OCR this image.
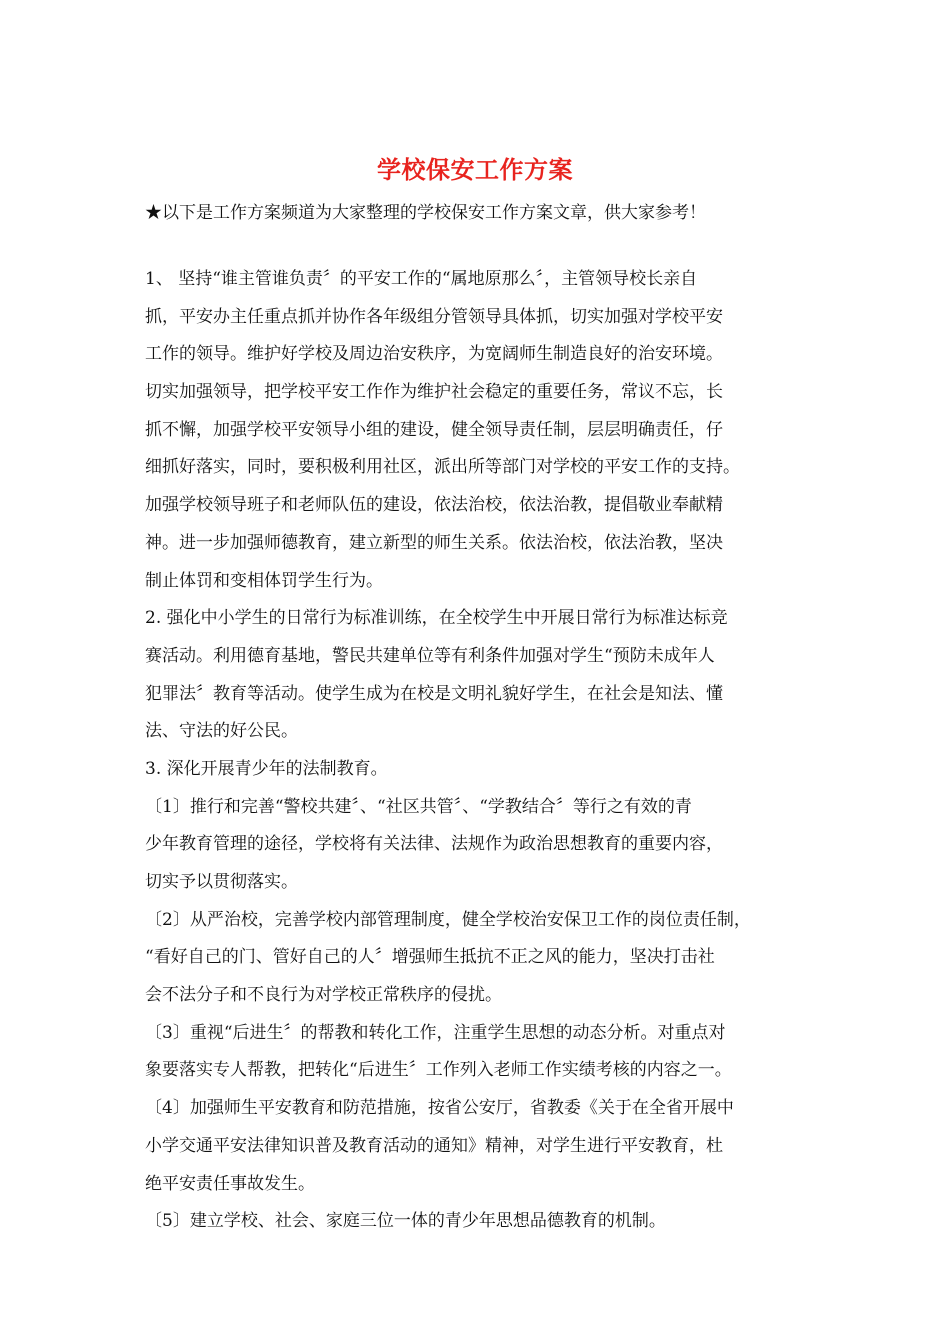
学校保安工作方案
★以下是工作方案频道为大家整理的学校保安工作方案文章，供大家参考！
1、 坚持“谁主管谁负责〞的平安工作的“属地原那么〞，主管领导校长亲自
抓，平安办主任重点抓并协作各年级组分管领导具体抓，切实加强对学校平安
工作的领导。维护好学校及周边治安秩序，为宽阔师生制造良好的治安环境。
切实加强领导，把学校平安工作作为维护社会稳定的重要任务，常议不忘，长
抓不懈，加强学校平安领导小组的建设，健全领导责任制，层层明确责任，仔
细抓好落实，同时，要积极利用社区，派出所等部门对学校的平安工作的支持。
加强学校领导班子和老师队伍的建设，依法治校，依法治教，提倡敬业奉献精
神。进一步加强师德教育，建立新型的师生关系。依法治校，依法治教，坚决
制止体罚和变相体罚学生行为。
2. 强化中小学生的日常行为标准训练，在全校学生中开展日常行为标准达标竞
赛活动。利用德育基地，警民共建单位等有利条件加强对学生“预防未成年人
犯罪法〞教育等活动。使学生成为在校是文明礼貌好学生，在社会是知法、懂
法、守法的好公民。
3. 深化开展青少年的法制教育。
〔1〕推行和完善“警校共建〞、“社区共管〞、“学教结合〞等行之有效的青
少年教育管理的途径，学校将有关法律、法规作为政治思想教育的重要内容，
切实予以贯彻落实。
〔2〕从严治校，完善学校内部管理制度，健全学校治安保卫工作的岗位责任制，
“看好自己的门、管好自己的人〞增强师生抵抗不正之风的能力，坚决打击社
会不法分子和不良行为对学校正常秩序的侵扰。
〔3〕重视“后进生〞的帮教和转化工作，注重学生思想的动态分析。对重点对
象要落实专人帮教，把转化“后进生〞工作列入老师工作实绩考核的内容之一。
〔4〕加强师生平安教育和防范措施，按省公安厅，省教委《关于在全省开展中
小学交通平安法律知识普及教育活动的通知》精神，对学生进行平安教育，杜
绝平安责任事故发生。
〔5〕建立学校、社会、家庭三位一体的青少年思想品德教育的机制。
